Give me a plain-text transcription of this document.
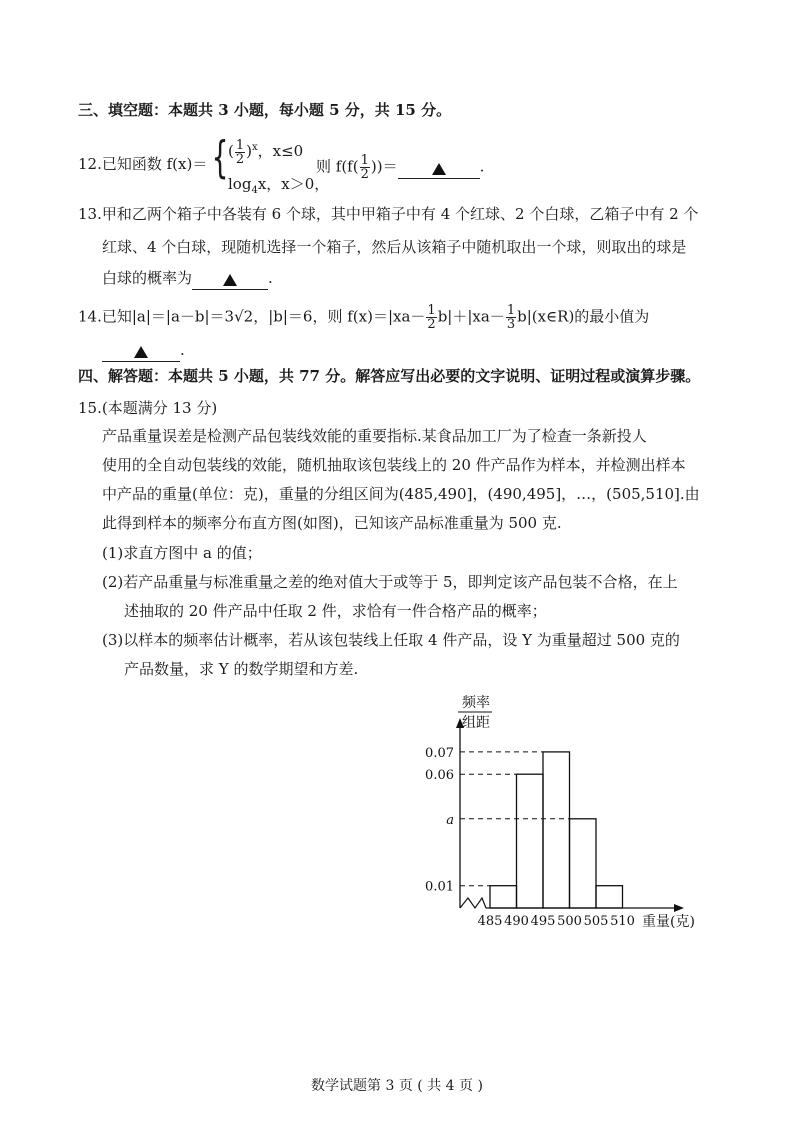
三、填空题：本题共 3 小题，每小题 5 分，共 15 分。
12.已知函数 f(x)＝ { ( $\frac{1}{2} )^x$，x≤0
$\log_4x$，x＞0，
则 $f(f( \frac{1}{2}$ ))＝	.
13.甲和乙两个箱子中各装有 6 个球，其中甲箱子中有 4 个红球、2 个白球，乙箱子中有 2 个
红球、4 个白球，现随机选择一个箱子，然后从该箱子中随机取出一个球，则取出的球是
白球的概率为	.
14.已知|a|＝|a－b|＝3√2，|b|＝6，则 $f(x)=|xa- \frac{1}{2} b|+|xa- \frac{1}{3}$ b|(x∈R)的最小值为
.
四、解答题：本题共 5 小题，共 77 分。解答应写出必要的文字说明、证明过程或演算步骤。
15.(本题满分 13 分)
产品重量误差是检测产品包装线效能的重要指标.某食品加工厂为了检查一条新投人
使用的全自动包装线的效能，随机抽取该包装线上的 20 件产品作为样本，并检测出样本
中产品的重量(单位：克)，重量的分组区间为(485,490]，(490,495]，…，(505,510].由
此得到样本的频率分布直方图(如图)，已知该产品标准重量为 500 克.
(1)求直方图中 a 的值；
(2)若产品重量与标准重量之差的绝对值大于或等于 5，即判定该产品包装不合格，在上
述抽取的 20 件产品中任取 2 件，求恰有一件合格产品的概率；
(3)以样本的频率估计概率，若从该包装线上任取 4 件产品，设 Y 为重量超过 500 克的
产品数量，求 Y 的数学期望和方差.
频率
组距
0.07
0.06
a
0.01
485 490 495 500 505 510 重量(克)
数学试题第 3 页 ( 共 4 页 )
